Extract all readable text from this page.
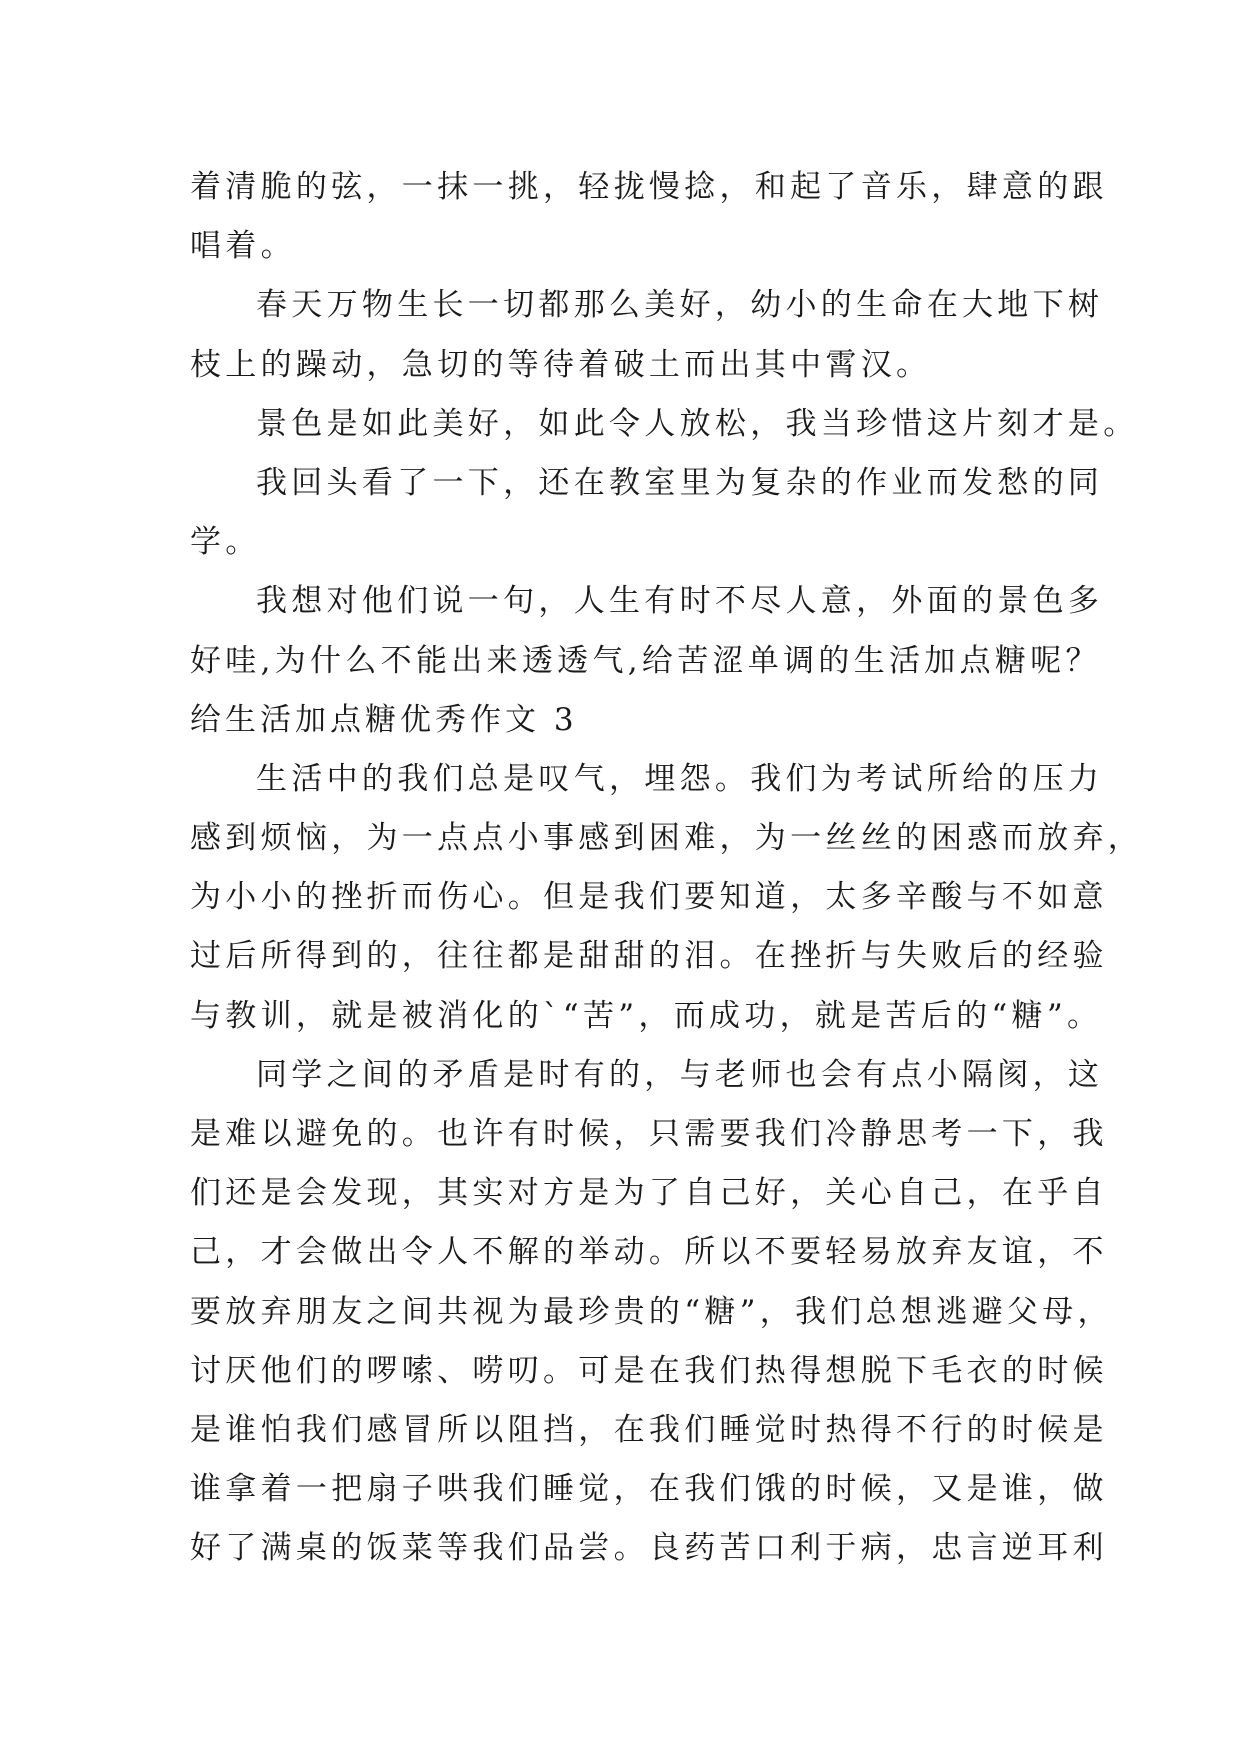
着清脆的弦，一抹一挑，轻拢慢捻，和起了音乐，肆意的跟
唱着。
春天万物生长一切都那么美好，幼小的生命在大地下树
枝上的躁动，急切的等待着破土而出其中霄汉。
景色是如此美好，如此令人放松，我当珍惜这片刻才是。
我回头看了一下，还在教室里为复杂的作业而发愁的同
学。
我想对他们说一句，人生有时不尽人意，外面的景色多
好哇,为什么不能出来透透气,给苦涩单调的生活加点糖呢？
给生活加点糖优秀作文 3
生活中的我们总是叹气，埋怨。我们为考试所给的压力
感到烦恼，为一点点小事感到困难，为一丝丝的困惑而放弃，
为小小的挫折而伤心。但是我们要知道，太多辛酸与不如意
过后所得到的，往往都是甜甜的泪。在挫折与失败后的经验
与教训，就是被消化的`“苦”，而成功，就是苦后的“糖”。
同学之间的矛盾是时有的，与老师也会有点小隔阂，这
是难以避免的。也许有时候，只需要我们冷静思考一下，我
们还是会发现，其实对方是为了自己好，关心自己，在乎自
己，才会做出令人不解的举动。所以不要轻易放弃友谊，不
要放弃朋友之间共视为最珍贵的“糖”，我们总想逃避父母，
讨厌他们的啰嗦、唠叨。可是在我们热得想脱下毛衣的时候
是谁怕我们感冒所以阻挡，在我们睡觉时热得不行的时候是
谁拿着一把扇子哄我们睡觉，在我们饿的时候，又是谁，做
好了满桌的饭菜等我们品尝。良药苦口利于病，忠言逆耳利
